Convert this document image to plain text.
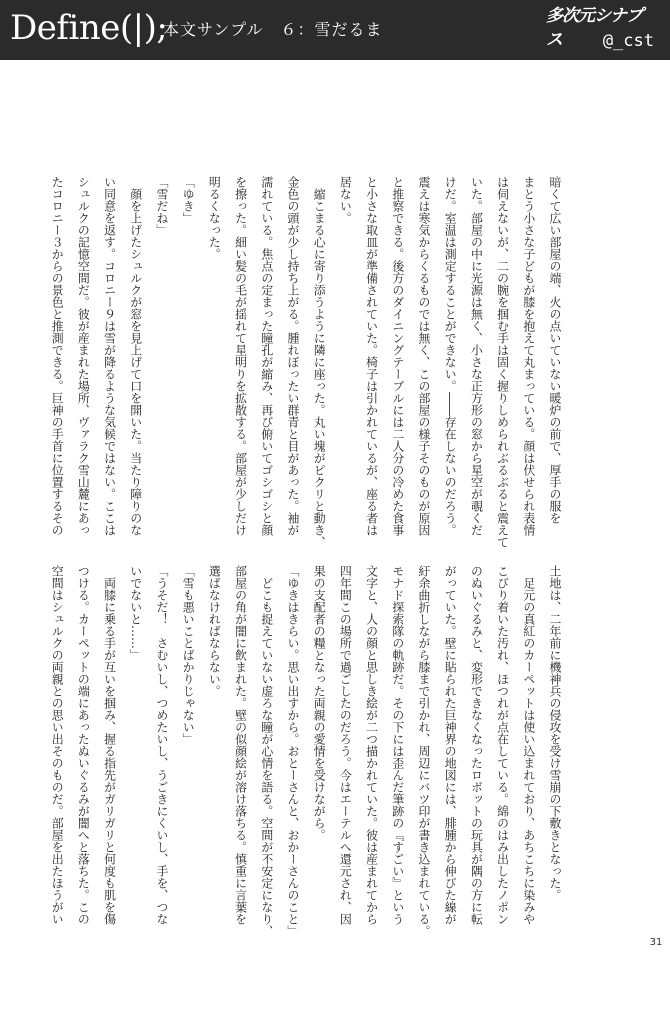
Define(|);
本文サンプル　６：雪だるま
多次元シナプス	@_cst
暗くて広い部屋の端、火の点いていない暖炉の前で、厚手の服を
まとう小さな子どもが膝を抱えて丸まっている。顔は伏せられ表情
は伺えないが、二の腕を掴む手は固く握りしめられぶるぶると震えて
いた。部屋の中に光源は無く、小さな正方形の窓から星空が覗くだ
けだ。室温は測定することができない。――存在しないのだろう。
震えは寒気からくるものでは無く、この部屋の様子そのものが原因
と推察できる。後方のダイニングテーブルには二人分の冷めた食事
と小さな取皿が準備されていた。椅子は引かれているが、座る者は
居ない。
　縮こまる心に寄り添うように隣に座った。丸い塊がピクリと動き、
金色の頭が少し持ち上がる。腫れぼったい群青と目があった。袖が
濡れている。焦点の定まった瞳孔が縮み、再び俯いてゴシゴシと顔
を擦った。細い髪の毛が揺れて星明りを拡散する。部屋が少しだけ
明るくなった。
「ゆき」
「雪だね」
　顔を上げたシュルクが窓を見上げて口を開いた。当たり障りのな
い同意を返す。コロニー９は雪が降るような気候ではない。ここは
シュルクの記憶空間だ。彼が産まれた場所、ヴァラク雪山麓にあっ
たコロニー３からの景色と推測できる。巨神の手首に位置するその
土地は、二年前に機神兵の侵攻を受け雪崩の下敷きとなった。
　足元の真紅のカーペットは使い込まれており、あちこちに染みや
こびり着いた汚れ、ほつれが点在している。綿のはみ出したノポン
のぬいぐるみと、変形できなくなったロボットの玩具が隅の方に転
がっていた。壁に貼られた巨神界の地図には、腓腫から伸びた線が
紆余曲折しながら膝まで引かれ、周辺にバツ印が書き込まれている。
モナド探索隊の軌跡だ。その下には歪んだ筆跡の『すごい』という
文字と、人の顔と思しき絵が二つ描かれていた。彼は産まれてから
四年間この場所で過ごしたのだろう。今はエーテルへ還元され、因
果の支配者の糧となった両親の愛情を受けながら。
「ゆきはきらい。思い出すから。おとーさんと、おかーさんのこと」
　どこも捉えていない虚ろな瞳が心情を語る。空間が不安定になり、
部屋の角が闇に飲まれた。壁の似顔絵が溶け落ちる。慎重に言葉を
選ばなければならない。
「雪も悪いことばかりじゃない」
「うそだ！　さむいし、つめたいし、うごきにくいし、手を、つな
いでないと……」
　両膝に乗る手が互いを掴み、握る指先がガリガリと何度も肌を傷
つける。カーペットの端にあったぬいぐるみが闇へと落ちた。この
空間はシュルクの両親との思い出そのものだ。部屋を出たほうがい
31
